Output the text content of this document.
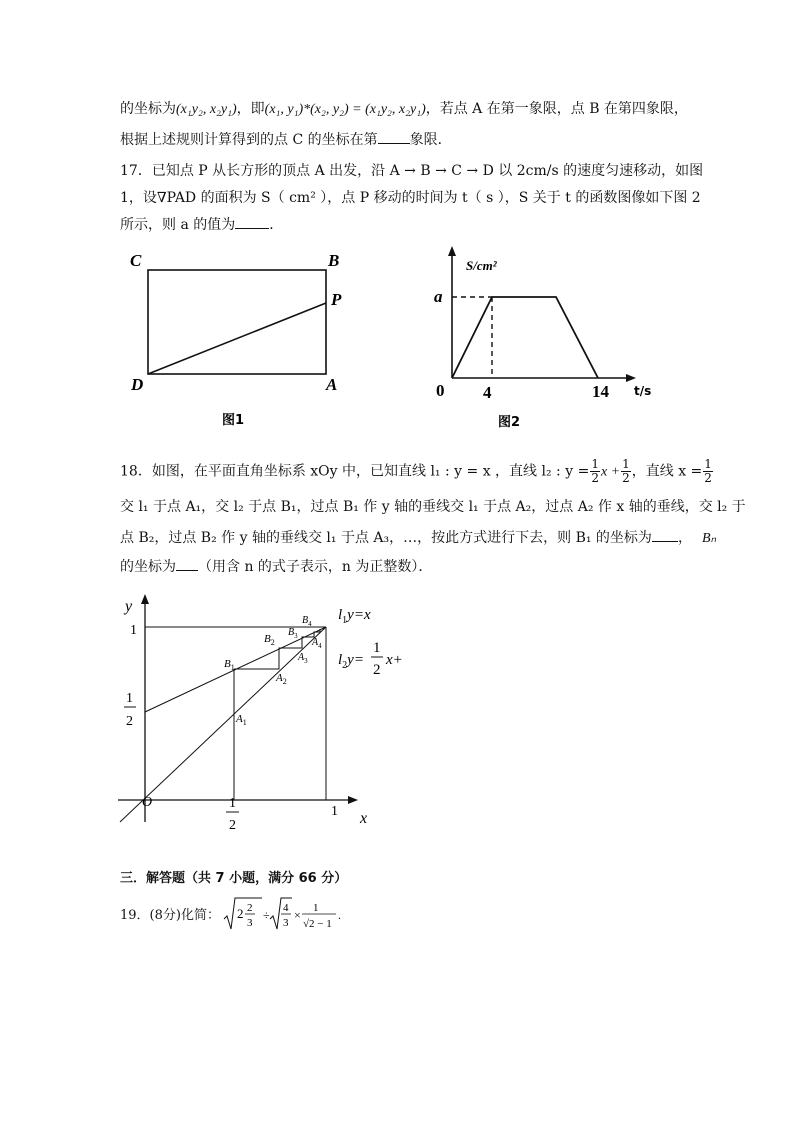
的坐标为(x₁y₂, x₂y₁)，即(x₁, y₁)*(x₂, y₂) = (x₁y₂, x₂y₁)，若点 A 在第一象限，点 B 在第四象限，
根据上述规则计算得到的点 C 的坐标在第 象限．
17．已知点 P 从长方形的顶点 A 出发，沿 A → B → C → D 以 2cm/s 的速度匀速移动，如图
1，设∇PAD 的面积为 S（ cm² ），点 P 移动的时间为 t（ s ），S 关于 t 的函数图像如下图 2
所示，则 a 的值为 ．
C	B
P
D	A
图1
S/cm²
a
0 4	14 t/s
图2
18．如图，在平面直角坐标系 xOy 中，已知直线 l₁ : y = x ，直线 l₂ : $y = \frac{1}{2}$ $x + \frac{1}{2}$ ，直线 $x = \frac{1}{2}$
交 l₁ 于点 A₁，交 l₂ 于点 B₁，过点 B₁ 作 y 轴的垂线交 l₁ 于点 A₂，过点 A₂ 作 x 轴的垂线，交 l₂ 于
点 B₂，过点 B₂ 作 y 轴的垂线交 l₁ 于点 A₃，…，按此方式进行下去，则 B₁ 的坐标为 ， Bₙ
的坐标为 （用含 n 的式子表示，n 为正整数）．
y
x
O
1
1
1
2
1
2
$B_1$
$A_1$
$B_2$
$A_2$
$B_3$
$A_3$
$B_4$
$A_4$
$l_1y=x$
$l_2y=$
1
2
x+
三．解答题（共 7 小题，满分 66 分）
19．(8分)化简： 2 2
3
÷ 4
3
× 1
√2 − 1
.
